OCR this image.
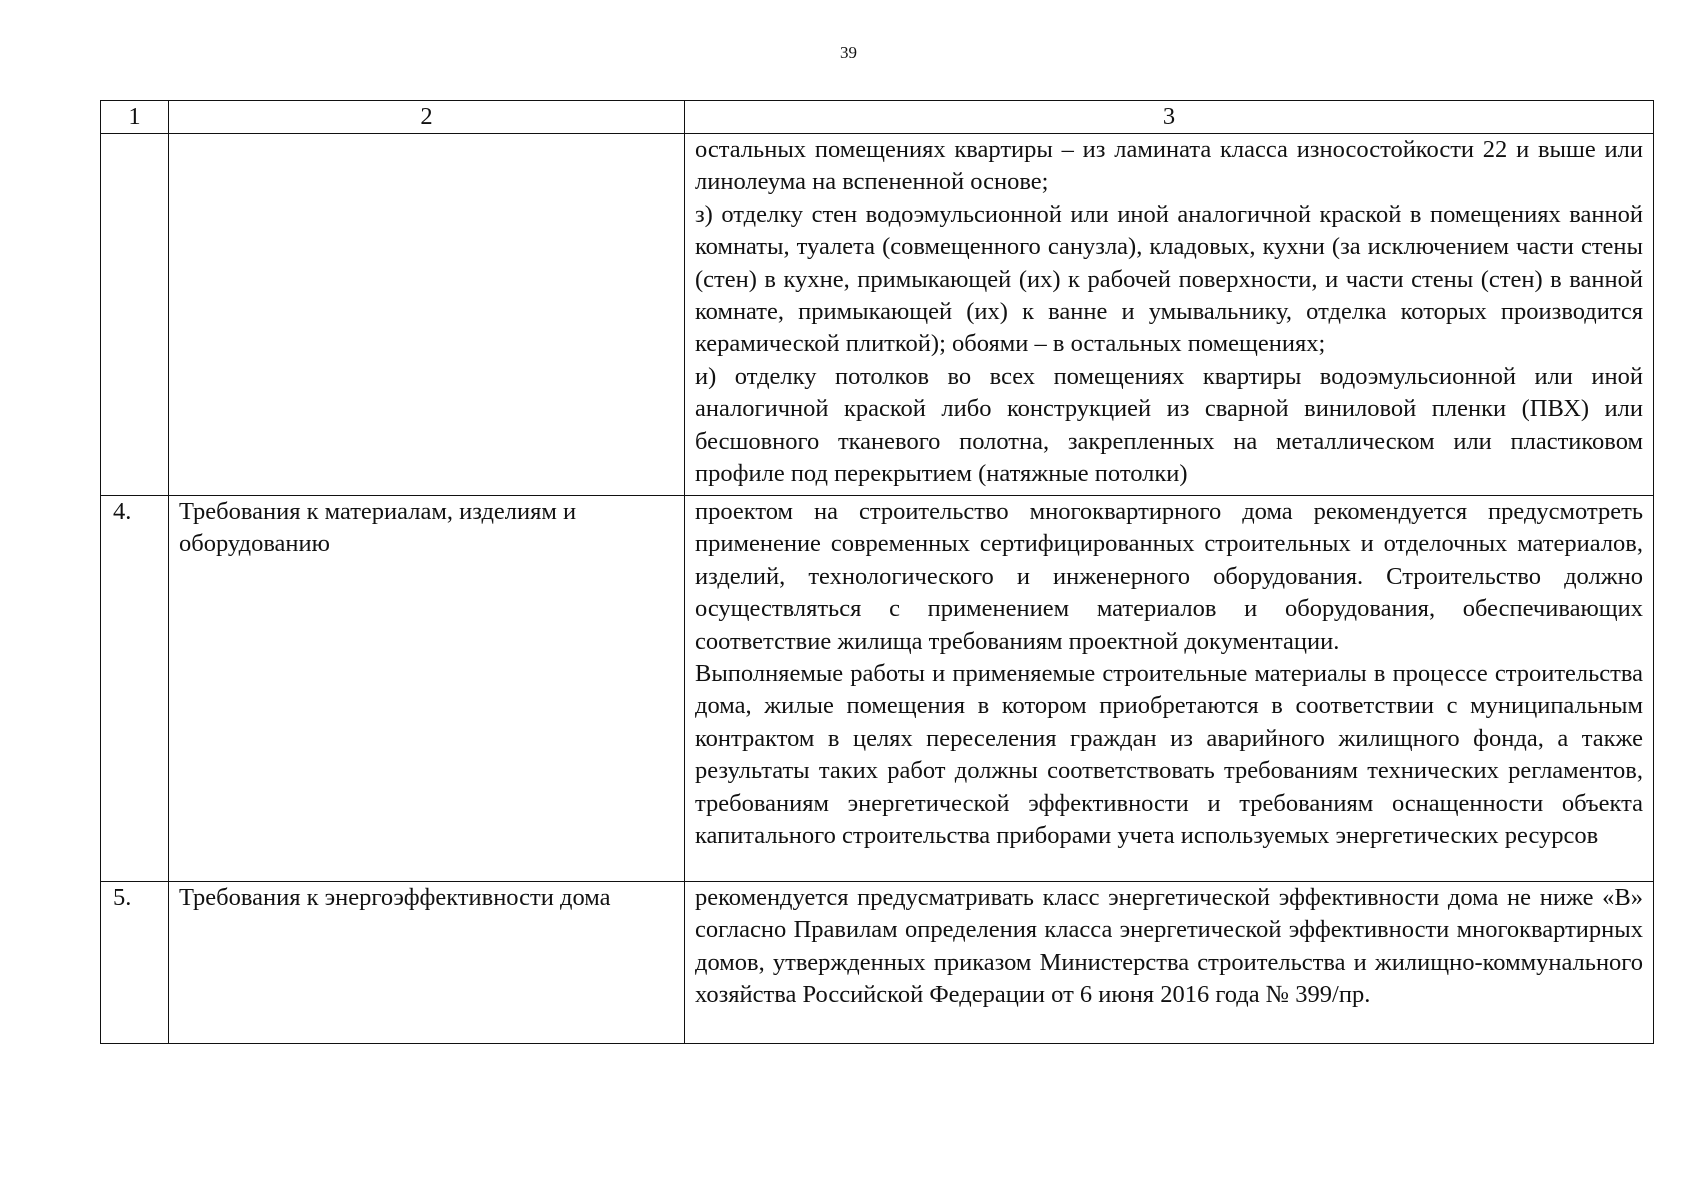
39
1	2	3

		остальных помещениях квартиры – из ламината класса износостойкости 22 и выше или линолеума на вспененной основе;

з) отделку стен водоэмульсионной или иной аналогичной краской в помещениях ванной комнаты, туалета (совмещенного санузла), кладовых, кухни (за исключением части стены (стен) в кухне, примыкающей (их) к рабочей поверхности, и части стены (стен) в ванной комнате, примыкающей (их) к ванне и умывальнику, отделка которых производится керамической плиткой); обоями – в остальных помещениях;

и) отделку потолков во всех помещениях квартиры водоэмульсионной или иной аналогичной краской либо конструкцией из сварной виниловой пленки (ПВХ) или бесшовного тканевого полотна, закрепленных на металлическом или пластиковом профиле под перекрытием (натяжные потолки)

4.	Требования к материалам, изделиям и оборудованию	проектом на строительство многоквартирного дома рекомендуется предусмотреть применение современных сертифицированных строительных и отделочных материалов, изделий, технологического и инженерного оборудования. Строительство должно осуществляться с применением материалов и оборудования, обеспечивающих соответствие жилища требованиям проектной документации.

Выполняемые работы и применяемые строительные материалы в процессе строительства дома, жилые помещения в котором приобретаются в соответствии с муниципальным контрактом в целях переселения граждан из аварийного жилищного фонда, а также результаты таких работ должны соответствовать требованиям технических регламентов, требованиям энергетической эффективности и требованиям оснащенности объекта капитального строительства приборами учета используемых энергетических ресурсов

5.	Требования к энергоэффективности дома	рекомендуется предусматривать класс энергетической эффективности дома не ниже «В» согласно Правилам определения класса энергетической эффективности многоквартирных домов, утвержденных приказом Министерства строительства и жилищно-коммунального хозяйства Российской Федерации от 6 июня 2016 года № 399/пр.
